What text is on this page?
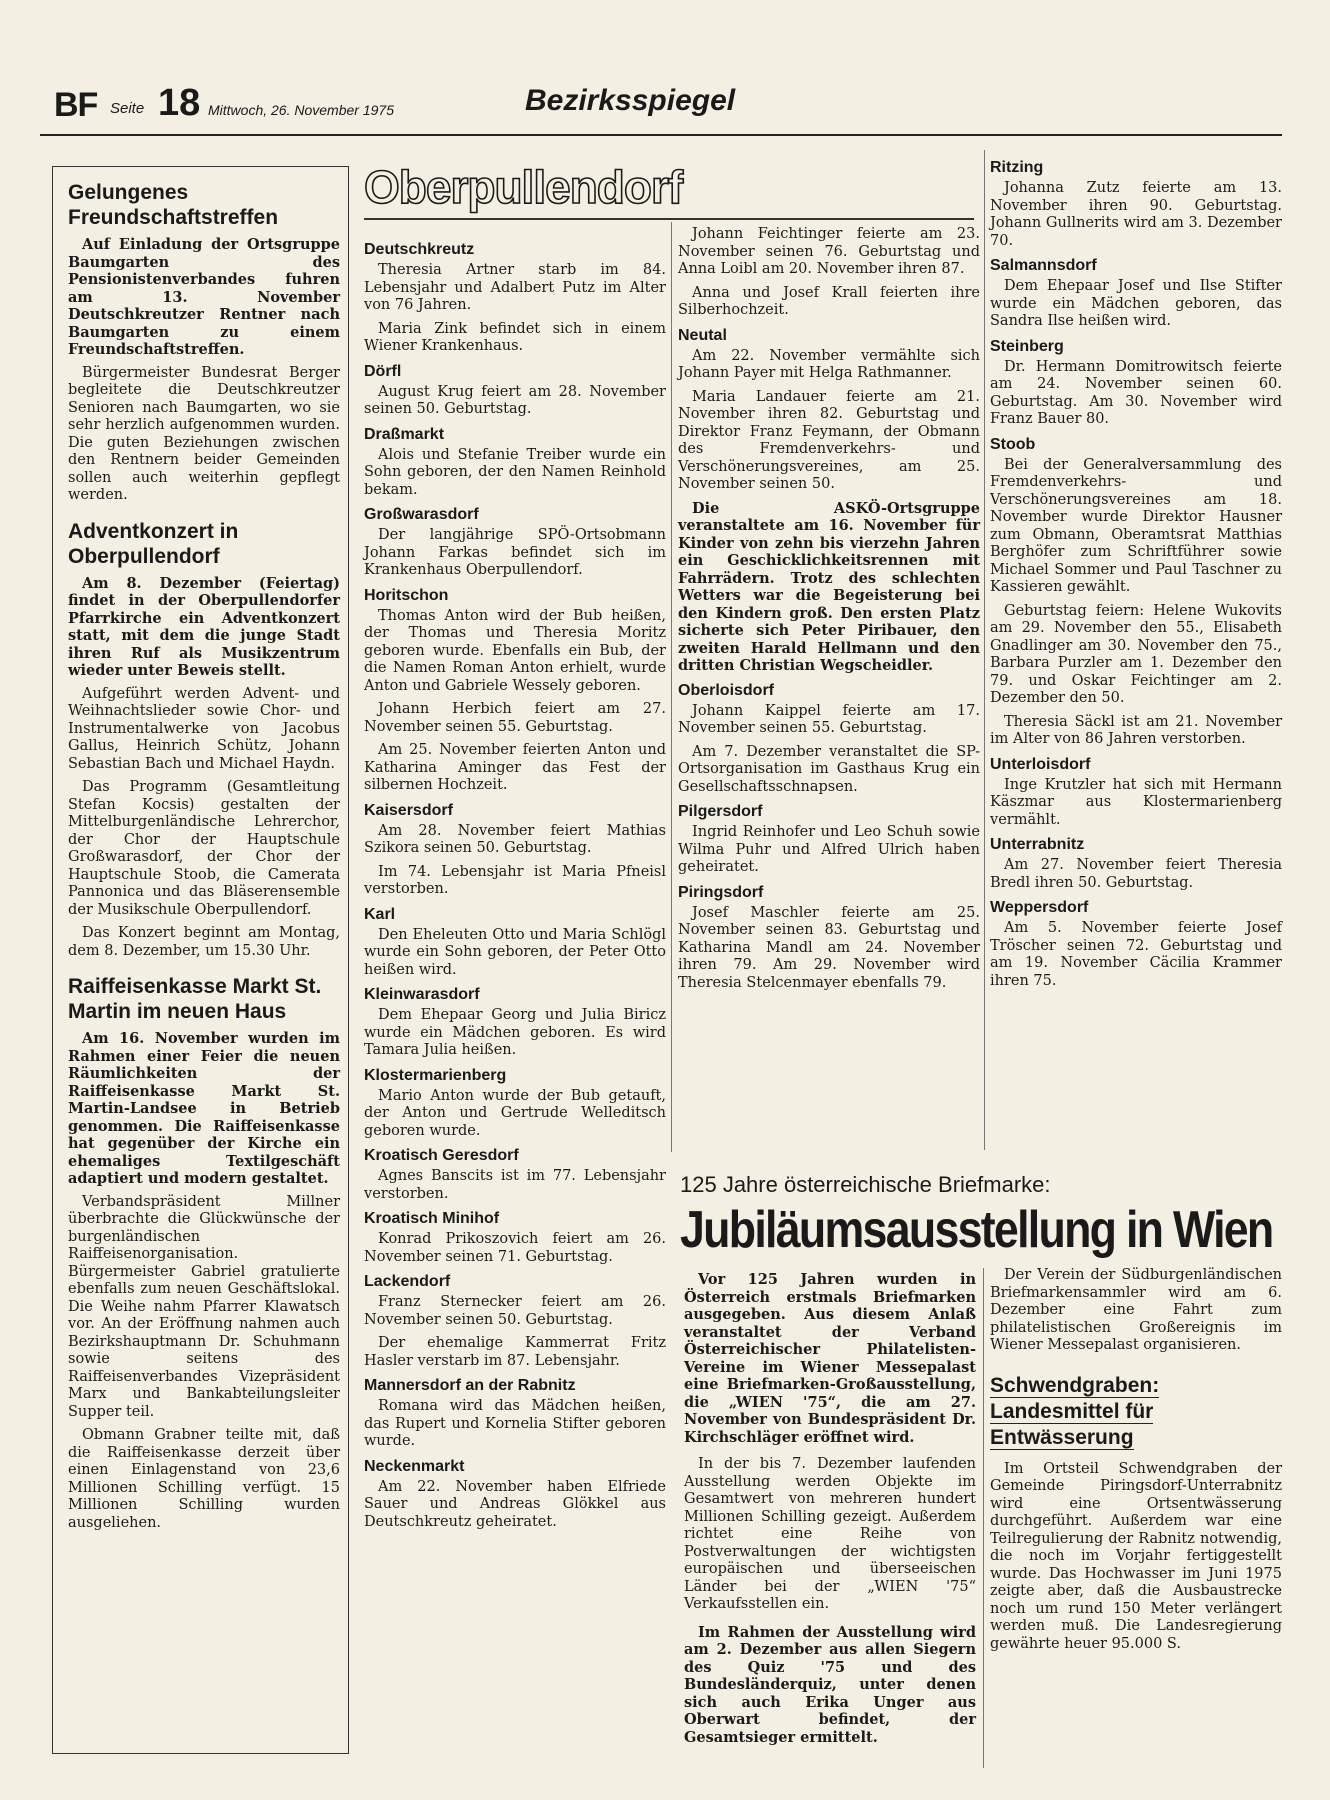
BF Seite 18 Mittwoch, 26. November 1975	Bezirksspiegel
Gelungenes Freundschaftstreffen

Auf Einladung der Ortsgruppe Baumgarten des Pensionistenverbandes fuhren am 13. November Deutschkreutzer Rentner nach Baumgarten zu einem Freundschaftstreffen.

Bürgermeister Bundesrat Berger begleitete die Deutschkreutzer Senioren nach Baumgarten, wo sie sehr herzlich aufgenommen wurden. Die guten Beziehungen zwischen den Rentnern beider Gemeinden sollen auch weiterhin gepflegt werden.

Adventkonzert in Oberpullendorf

Am 8. Dezember (Feiertag) findet in der Oberpullendorfer Pfarrkirche ein Adventkonzert statt, mit dem die junge Stadt ihren Ruf als Musikzentrum wieder unter Beweis stellt.

Aufgeführt werden Advent- und Weihnachtslieder sowie Chor- und Instrumentalwerke von Jacobus Gallus, Heinrich Schütz, Johann Sebastian Bach und Michael Haydn.

Das Programm (Gesamtleitung Stefan Kocsis) gestalten der Mittelburgenländische Lehrerchor, der Chor der Hauptschule Großwarasdorf, der Chor der Hauptschule Stoob, die Camerata Pannonica und das Bläserensemble der Musikschule Oberpullendorf.

Das Konzert beginnt am Montag, dem 8. Dezember, um 15.30 Uhr.

Raiffeisenkasse Markt St. Martin im neuen Haus

Am 16. November wurden im Rahmen einer Feier die neuen Räumlichkeiten der Raiffeisenkasse Markt St. Martin-Landsee in Betrieb genommen. Die Raiffeisenkasse hat gegenüber der Kirche ein ehemaliges Textilgeschäft adaptiert und modern gestaltet.

Verbandspräsident Millner überbrachte die Glückwünsche der burgenländischen Raiffeisenorganisation. Bürgermeister Gabriel gratulierte ebenfalls zum neuen Geschäftslokal. Die Weihe nahm Pfarrer Klawatsch vor. An der Eröffnung nahmen auch Bezirkshauptmann Dr. Schuhmann sowie seitens des Raiffeisenverbandes Vizepräsident Marx und Bankabteilungsleiter Supper teil.

Obmann Grabner teilte mit, daß die Raiffeisenkasse derzeit über einen Einlagenstand von 23,6 Millionen Schilling verfügt. 15 Millionen Schilling wurden ausgeliehen.

Oberpullendorf
Deutschkreutz

Theresia Artner starb im 84. Lebensjahr und Adalbert Putz im Alter von 76 Jahren.

Maria Zink befindet sich in einem Wiener Krankenhaus.

Dörfl

August Krug feiert am 28. November seinen 50. Geburtstag.

Draßmarkt

Alois und Stefanie Treiber wurde ein Sohn geboren, der den Namen Reinhold bekam.

Großwarasdorf

Der langjährige SPÖ-Ortsobmann Johann Farkas befindet sich im Krankenhaus Oberpullendorf.

Horitschon

Thomas Anton wird der Bub heißen, der Thomas und Theresia Moritz geboren wurde. Ebenfalls ein Bub, der die Namen Roman Anton erhielt, wurde Anton und Gabriele Wessely geboren.

Johann Herbich feiert am 27. November seinen 55. Geburtstag.

Am 25. November feierten Anton und Katharina Aminger das Fest der silbernen Hochzeit.

Kaisersdorf

Am 28. November feiert Mathias Szikora seinen 50. Geburtstag.

Im 74. Lebensjahr ist Maria Pfneisl verstorben.

Karl

Den Eheleuten Otto und Maria Schlögl wurde ein Sohn geboren, der Peter Otto heißen wird.

Kleinwarasdorf

Dem Ehepaar Georg und Julia Biricz wurde ein Mädchen geboren. Es wird Tamara Julia heißen.

Klostermarienberg

Mario Anton wurde der Bub getauft, der Anton und Gertrude Welleditsch geboren wurde.

Kroatisch Geresdorf

Agnes Banscits ist im 77. Lebensjahr verstorben.

Kroatisch Minihof

Konrad Prikoszovich feiert am 26. November seinen 71. Geburtstag.

Lackendorf

Franz Sternecker feiert am 26. November seinen 50. Geburtstag.

Der ehemalige Kammerrat Fritz Hasler verstarb im 87. Lebensjahr.

Mannersdorf an der Rabnitz

Romana wird das Mädchen heißen, das Rupert und Kornelia Stifter geboren wurde.

Neckenmarkt

Am 22. November haben Elfriede Sauer und Andreas Glökkel aus Deutschkreutz geheiratet.

Johann Feichtinger feierte am 23. November seinen 76. Geburtstag und Anna Loibl am 20. November ihren 87.

Anna und Josef Krall feierten ihre Silberhochzeit.

Neutal

Am 22. November vermählte sich Johann Payer mit Helga Rathmanner.

Maria Landauer feierte am 21. November ihren 82. Geburtstag und Direktor Franz Feymann, der Obmann des Fremdenverkehrs- und Verschönerungsvereines, am 25. November seinen 50.

Die ASKÖ-Ortsgruppe veranstaltete am 16. November für Kinder von zehn bis vierzehn Jahren ein Geschicklichkeitsrennen mit Fahrrädern. Trotz des schlechten Wetters war die Begeisterung bei den Kindern groß. Den ersten Platz sicherte sich Peter Piribauer, den zweiten Harald Hellmann und den dritten Christian Wegscheidler.

Oberloisdorf

Johann Kaippel feierte am 17. November seinen 55. Geburtstag.

Am 7. Dezember veranstaltet die SP-Ortsorganisation im Gasthaus Krug ein Gesellschaftsschnapsen.

Pilgersdorf

Ingrid Reinhofer und Leo Schuh sowie Wilma Puhr und Alfred Ulrich haben geheiratet.

Piringsdorf

Josef Maschler feierte am 25. November seinen 83. Geburtstag und Katharina Mandl am 24. November ihren 79. Am 29. November wird Theresia Stelcenmayer ebenfalls 79.

Ritzing

Johanna Zutz feierte am 13. November ihren 90. Geburtstag. Johann Gullnerits wird am 3. Dezember 70.

Salmannsdorf

Dem Ehepaar Josef und Ilse Stifter wurde ein Mädchen geboren, das Sandra Ilse heißen wird.

Steinberg

Dr. Hermann Domitrowitsch feierte am 24. November seinen 60. Geburtstag. Am 30. November wird Franz Bauer 80.

Stoob

Bei der Generalversammlung des Fremdenverkehrs- und Verschönerungsvereines am 18. November wurde Direktor Hausner zum Obmann, Oberamtsrat Matthias Berghöfer zum Schriftführer sowie Michael Sommer und Paul Taschner zu Kassieren gewählt.

Geburtstag feiern: Helene Wukovits am 29. November den 55., Elisabeth Gnadlinger am 30. November den 75., Barbara Purzler am 1. Dezember den 79. und Oskar Feichtinger am 2. Dezember den 50.

Theresia Säckl ist am 21. November im Alter von 86 Jahren verstorben.

Unterloisdorf

Inge Krutzler hat sich mit Hermann Käszmar aus Klostermarienberg vermählt.

Unterrabnitz

Am 27. November feiert Theresia Bredl ihren 50. Geburtstag.

Weppersdorf

Am 5. November feierte Josef Tröscher seinen 72. Geburtstag und am 19. November Cäcilia Krammer ihren 75.

125 Jahre österreichische Briefmarke:
Jubiläumsausstellung in Wien

Vor 125 Jahren wurden in Österreich erstmals Briefmarken ausgegeben. Aus diesem Anlaß veranstaltet der Verband Österreichischer Philatelisten-Vereine im Wiener Messepalast eine Briefmarken-Großausstellung, die „WIEN '75“, die am 27. November von Bundespräsident Dr. Kirchschläger eröffnet wird.

In der bis 7. Dezember laufenden Ausstellung werden Objekte im Gesamtwert von mehreren hundert Millionen Schilling gezeigt. Außerdem richtet eine Reihe von Postverwaltungen der wichtigsten europäischen und überseeischen Länder bei der „WIEN '75“ Verkaufsstellen ein.

Im Rahmen der Ausstellung wird am 2. Dezember aus allen Siegern des Quiz '75 und des Bundesländerquiz, unter denen sich auch Erika Unger aus Oberwart befindet, der Gesamtsieger ermittelt.

Der Verein der Südburgenländischen Briefmarkensammler wird am 6. Dezember eine Fahrt zum philatelistischen Großereignis im Wiener Messepalast organisieren.

Schwendgraben: Landesmittel für Entwässerung

Im Ortsteil Schwendgraben der Gemeinde Piringsdorf-Unterrabnitz wird eine Ortsentwässerung durchgeführt. Außerdem war eine Teilregulierung der Rabnitz notwendig, die noch im Vorjahr fertiggestellt wurde. Das Hochwasser im Juni 1975 zeigte aber, daß die Ausbaustrecke noch um rund 150 Meter verlängert werden muß. Die Landesregierung gewährte heuer 95.000 S.
